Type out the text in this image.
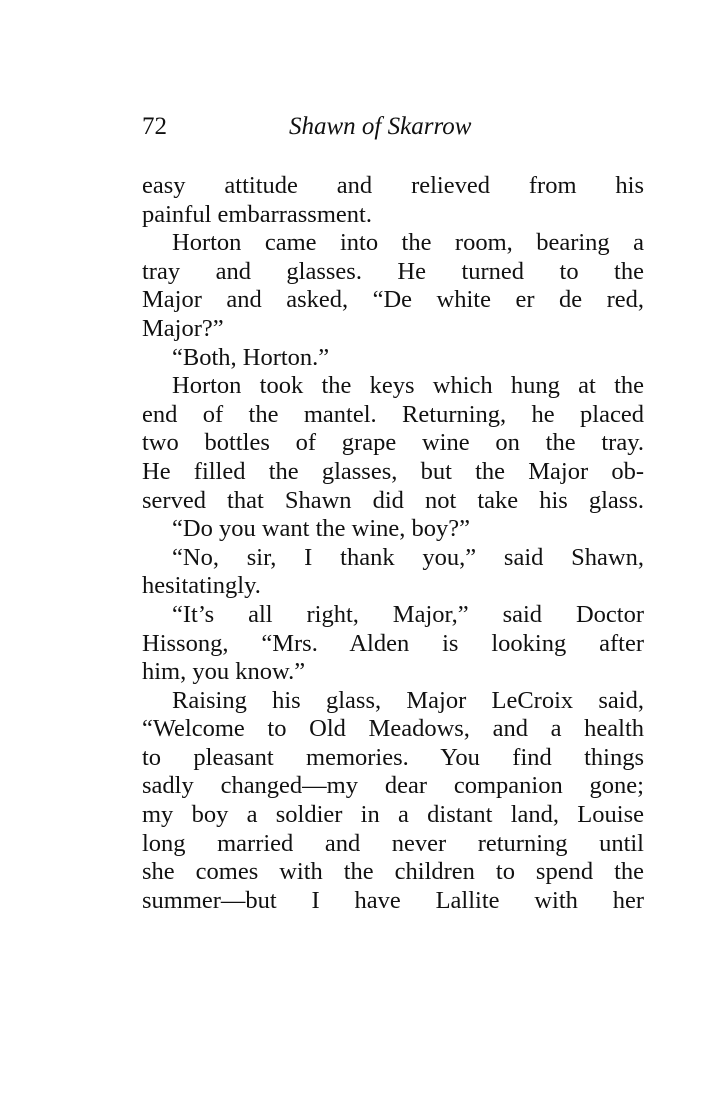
72	Shawn of Skarrow
easy attitude and relieved from his
painful embarrassment.
Horton came into the room, bearing a
tray and glasses. He turned to the
Major and asked, “De white er de red,
Major?”
“Both, Horton.”
Horton took the keys which hung at the
end of the mantel. Returning, he placed
two bottles of grape wine on the tray.
He filled the glasses, but the Major ob-
served that Shawn did not take his glass.
“Do you want the wine, boy?”
“No, sir, I thank you,” said Shawn,
hesitatingly.
“It’s all right, Major,” said Doctor
Hissong, “Mrs. Alden is looking after
him, you know.”
Raising his glass, Major LeCroix said,
“Welcome to Old Meadows, and a health
to pleasant memories. You find things
sadly changed—my dear companion gone;
my boy a soldier in a distant land, Louise
long married and never returning until
she comes with the children to spend the
summer—but I have Lallite with her
